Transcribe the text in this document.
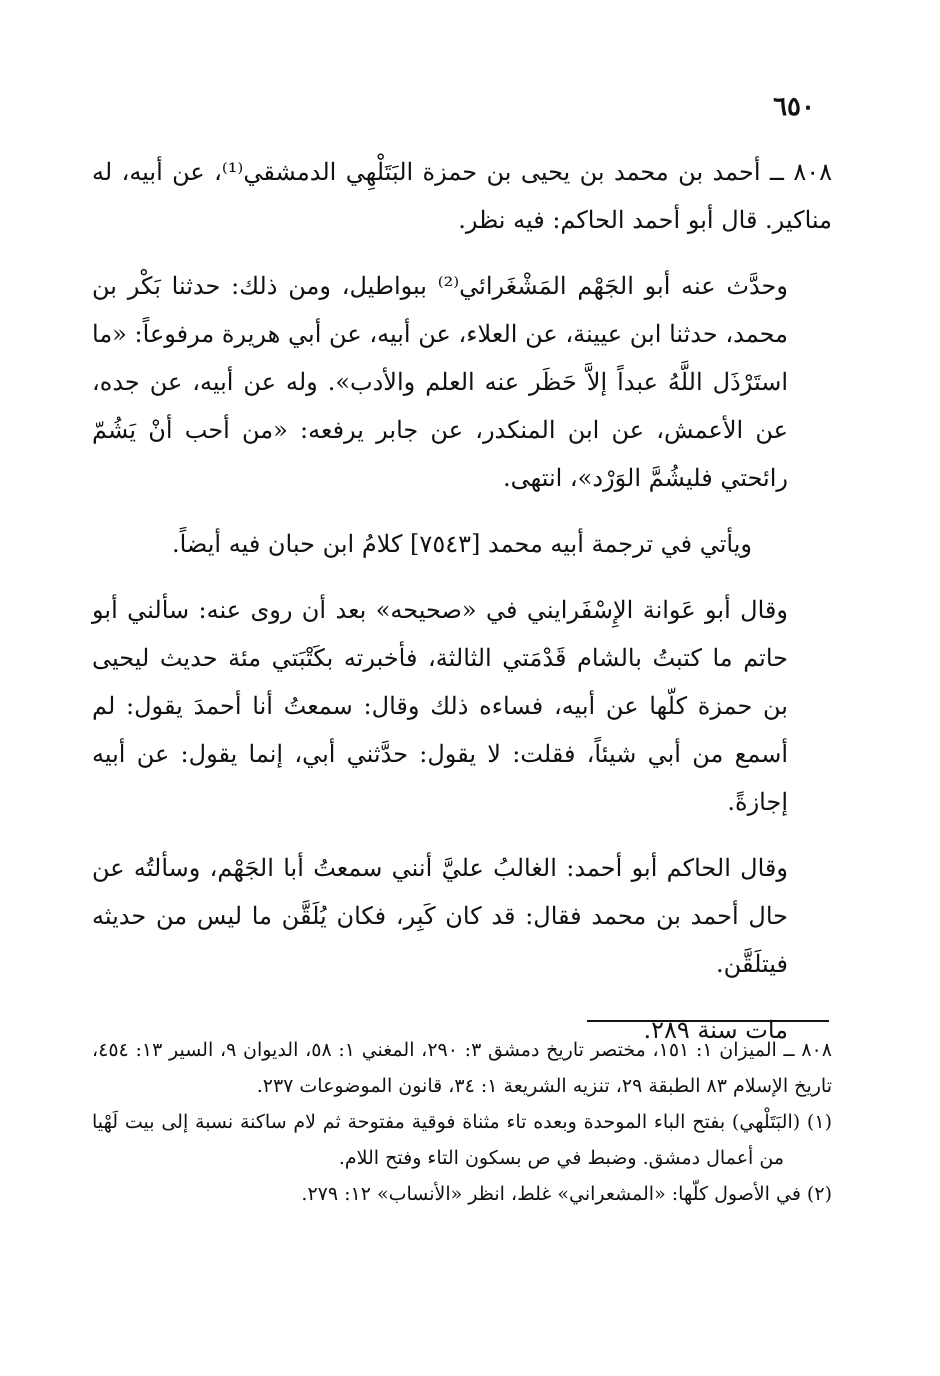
٦٥٠

٨٠٨ ــ أحمد بن محمد بن يحيى بن حمزة البَتَلْهِي الدمشقي⁽¹⁾، عن أبيه، له مناكير. قال أبو أحمد الحاكم: فيه نظر.

وحدَّث عنه أبو الجَهْم المَشْغَرائي⁽²⁾ ببواطيل، ومن ذلك: حدثنا بَكْر بن محمد، حدثنا ابن عيينة، عن العلاء، عن أبيه، عن أبي هريرة مرفوعاً: «ما استَرْذَل اللَّهُ عبداً إلاَّ حَظَر عنه العلم والأدب». وله عن أبيه، عن جده، عن الأعمش، عن ابن المنكدر، عن جابر يرفعه: «من أحب أنْ يَشُمّ رائحتي فليشُمَّ الوَرْد»، انتهى.

ويأتي في ترجمة أبيه محمد [٧٥٤٣] كلامُ ابن حبان فيه أيضاً.

وقال أبو عَوانة الإِسْفَرايني في «صحيحه» بعد أن روى عنه: سألني أبو حاتم ما كتبتُ بالشام قَدْمَتي الثالثة، فأخبرته بكَتْبَتي مئة حديث ليحيى بن حمزة كلّها عن أبيه، فساءه ذلك وقال: سمعتُ أنا أحمدَ يقول: لم أسمع من أبي شيئاً، فقلت: لا يقول: حدَّثني أبي، إنما يقول: عن أبيه إجازةً.

وقال الحاكم أبو أحمد: الغالبُ عليَّ أنني سمعتُ أبا الجَهْم، وسألتُه عن حال أحمد بن محمد فقال: قد كان كَبِر، فكان يُلَقَّن ما ليس من حديثه فيتلَقَّن.

مات سنة ٢٨٩.

٨٠٨ ــ الميزان ١: ١٥١، مختصر تاريخ دمشق ٣: ٢٩٠، المغني ١: ٥٨، الديوان ٩، السير ١٣: ٤٥٤، تاريخ الإسلام ٨٣ الطبقة ٢٩، تنزيه الشريعة ١: ٣٤، قانون الموضوعات ٢٣٧.

(١) (البَتَلْهي) بفتح الباء الموحدة وبعده تاء مثناة فوقية مفتوحة ثم لام ساكنة نسبة إلى بيت لَهْيا من أعمال دمشق. وضبط في ص بسكون التاء وفتح اللام.

(٢) في الأصول كلّها: «المشعراني» غلط، انظر «الأنساب» ١٢: ٢٧٩.
